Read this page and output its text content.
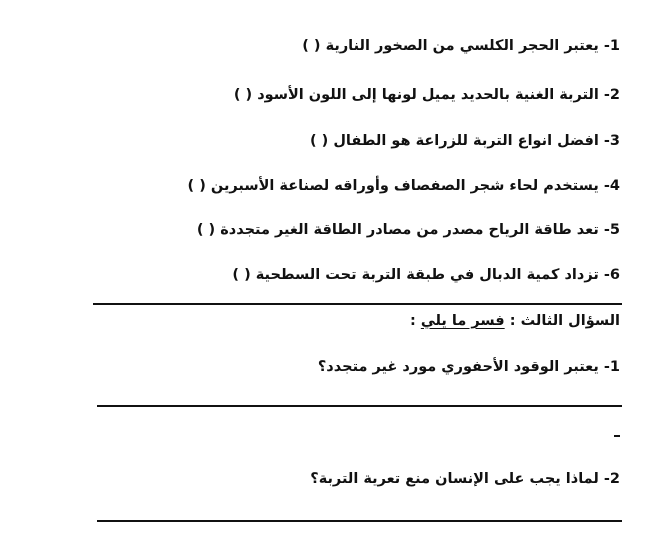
1- يعتبر الحجر الكلسي من الصخور النارية ( )
2- التربة الغنية بالحديد يميل لونها إلى اللون الأسود ( )
3- افضل انواع التربة للزراعة هو الطفال ( )
4- يستخدم لحاء شجر الصفصاف وأوراقه لصناعة الأسبرين ( )
5- تعد طاقة الرياح مصدر من مصادر الطاقة الغير متجددة ( )
6- تزداد كمية الدبال في طبقة التربة تحت السطحية ( )
السؤال الثالث : فسر ما يلي :
1- يعتبر الوقود الأحفوري مورد غير متجدد؟
2- لماذا يجب على الإنسان منع تعرية التربة؟
